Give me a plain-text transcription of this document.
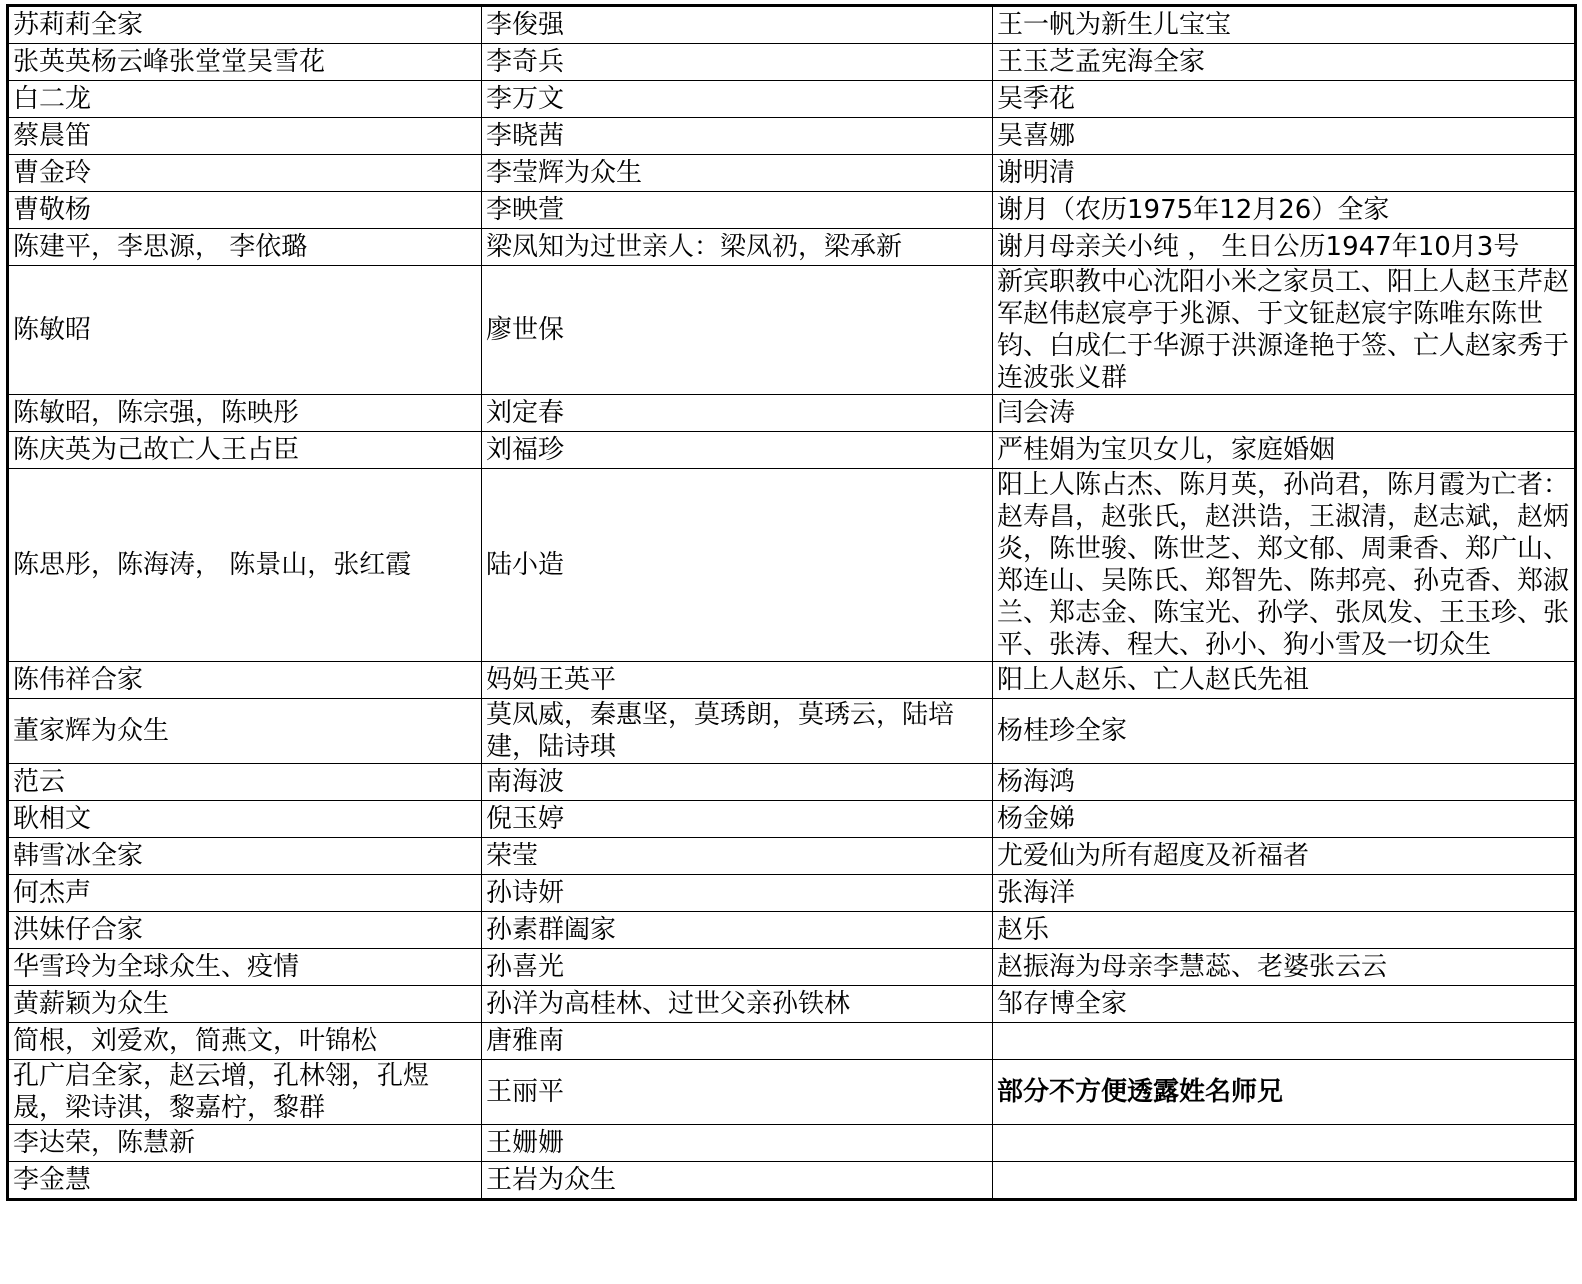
苏莉莉全家	李俊强	王一帆为新生儿宝宝
张英英杨云峰张堂堂吴雪花	李奇兵	王玉芝孟宪海全家
白二龙	李万文	吴季花
蔡晨笛	李晓茜	吴喜娜
曹金玲	李莹辉为众生	谢明清
曹敬杨	李映萱	谢月（农历1975年12月26）全家
陈建平，李思源， 李依璐	梁凤知为过世亲人：梁凤礽，梁承新	谢月母亲关小纯 ， 生日公历1947年10月3号
陈敏昭	廖世保	新宾职教中心沈阳小米之家员工、阳上人赵玉芹赵军赵伟赵宸亭于兆源、于文钲赵宸宇陈唯东陈世钧、白成仁于华源于洪源逄艳于签、亡人赵家秀于连波张义群
陈敏昭，陈宗强，陈映彤	刘定春	闫会涛
陈庆英为己故亡人王占臣	刘福珍	严桂娟为宝贝女儿，家庭婚姻
陈思彤，陈海涛， 陈景山，张红霞	陆小造	阳上人陈占杰、陈月英，孙尚君，陈月霞为亡者：赵寿昌，赵张氏，赵洪诰，王淑清，赵志斌，赵炳炎，陈世骏、陈世芝、郑文郁、周秉香、郑广山、郑连山、吴陈氏、郑智先、陈邦亮、孙克香、郑淑兰、郑志金、陈宝光、孙学、张凤发、王玉珍、张平、张涛、程大、孙小、狗小雪及一切众生
陈伟祥合家	妈妈王英平	阳上人赵乐、亡人赵氏先祖
董家辉为众生	莫凤威，秦惠坚，莫琇朗，莫琇云，陆培建，陆诗琪	杨桂珍全家
范云	南海波	杨海鸿
耿相文	倪玉婷	杨金娣
韩雪冰全家	荣莹	尤爱仙为所有超度及祈福者
何杰声	孙诗妍	张海洋
洪妹仔合家	孙素群阖家	赵乐
华雪玲为全球众生、疫情	孙喜光	赵振海为母亲李慧蕊、老婆张云云
黄薪颖为众生	孙洋为高桂林、过世父亲孙铁林	邹存博全家
简根，刘爱欢，简燕文，叶锦松	唐雅南	
孔广启全家，赵云增，孔林翎，孔煜晟，梁诗淇，黎嘉柠，黎群	王丽平	部分不方便透露姓名师兄
李达荣，陈慧新	王姗姗	
李金慧	王岩为众生	
